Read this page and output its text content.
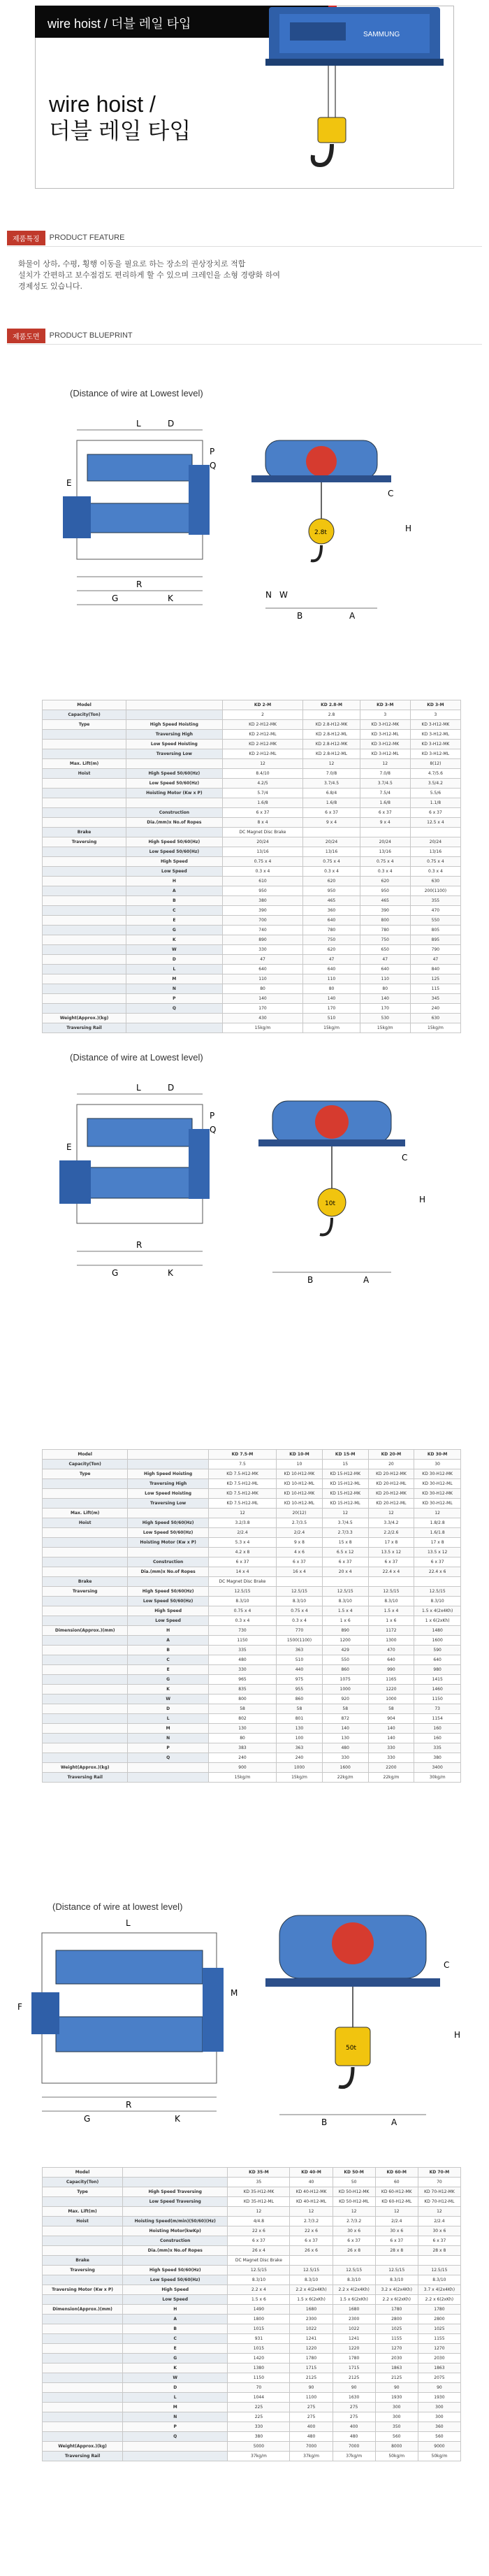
wire hoist / 더블 레일 타입
wire hoist /
더블 레일 타입
SAMMUNG
제품특징	PRODUCT FEATURE
화물이 상하, 수평, 횡행 이동을 필요로 하는 장소의 권상장치로 적합
설치가 간편하고 보수점검도 편리하게 할 수 있으며 크레인을 소형 경량화 하여
경제성도 있습니다.
제품도면	PRODUCT BLUEPRINT
(Distance of wire at Lowest level)
L	D
R
G	K
E
P
Q
2.8t
B	A
N W
C
H
Model		KD 2-M	KD 2.8-M	KD 3-M	KD 3-M
Capacity(Ton)		2	2.8	3	3
Type	High Speed Hoisting	KD 2-H12-MK	KD 2.8-H12-MK	KD 3-H12-MK	KD 3-H12-MK
	Traversing High	KD 2-H12-ML	KD 2.8-H12-ML	KD 3-H12-ML	KD 3-H12-ML
	Low Speed Hoisting	KD 2-H12-MK	KD 2.8-H12-MK	KD 3-H12-MK	KD 3-H12-MK
	Traversing Low	KD 2-H12-ML	KD 2.8-H12-ML	KD 3-H12-ML	KD 3-H12-ML
Max. Lift(m)		12	12	12	8(12)
Hoist	High Speed 50/60(Hz)	8.4/10	7.0/8	7.0/8	4.7/5.6
	Low Speed 50/60(Hz)	4.2/5	3.7/4.5	3.7/4.5	3.5/4.2
	Hoisting Motor (Kw x P)	5.7/4	6.8/4	7.5/4	5.5/6
		1.6/8	1.6/8	1.6/8	1.1/8
	Construction	6 x 37	6 x 37	6 x 37	6 x 37
	Dia.(mm)x No.of Ropes	8 x 4	9 x 4	9 x 4	12.5 x 4
Brake		DC Magnet Disc Brake			
Traversing	High Speed 50/60(Hz)	20/24	20/24	20/24	20/24
	Low Speed 50/60(Hz)	13/16	13/16	13/16	13/16
	High Speed	0.75 x 4	0.75 x 4	0.75 x 4	0.75 x 4
	Low Speed	0.3 x 4	0.3 x 4	0.3 x 4	0.3 x 4
	H	610	620	620	630
	A	950	950	950	200(1100)
	B	380	465	465	355
	C	390	360	390	470
	E	700	640	800	550
	G	740	780	780	805
	K	890	750	750	895
	W	330	620	650	790
	D	47	47	47	47
	L	640	640	640	840
	M	110	110	110	125
	N	80	80	80	115
	P	140	140	140	345
	Q	170	170	170	240
Weight(Approx.)(kg)		430	510	530	630
Traversing Rail		15kg/m	15kg/m	15kg/m	15kg/m
(Distance of wire at Lowest level)
L	D
R
G	K
E
P
Q
10t
B	A
C
H
Model		KD 7.5-M	KD 10-M	KD 15-M	KD 20-M	KD 30-M
Capacity(Ton)		7.5	10	15	20	30
Type	High Speed Hoisting	KD 7.5-H12-MK	KD 10-H12-MK	KD 15-H12-MK	KD 20-H12-MK	KD 30-H12-MK
	Traversing High	KD 7.5-H12-ML	KD 10-H12-ML	KD 15-H12-ML	KD 20-H12-ML	KD 30-H12-ML
	Low Speed Hoisting	KD 7.5-H12-MK	KD 10-H12-MK	KD 15-H12-MK	KD 20-H12-MK	KD 30-H12-MK
	Traversing Low	KD 7.5-H12-ML	KD 10-H12-ML	KD 15-H12-ML	KD 20-H12-ML	KD 30-H12-ML
Max. Lift(m)		12	20(12)	12	12	12
Hoist	High Speed 50/60(Hz)	3.2/3.8	2.7/3.5	3.7/4.5	3.3/4.2	1.8/2.8
	Low Speed 50/60(Hz)	2/2.4	2/2.4	2.7/3.3	2.2/2.6	1.6/1.8
	Hoisting Motor (Kw x P)	5.3 x 4	9 x 8	15 x 8	17 x 8	17 x 8
		4.2 x 8	4 x 6	6.5 x 12	13.5 x 12	13.5 x 12
	Construction	6 x 37	6 x 37	6 x 37	6 x 37	6 x 37
	Dia.(mm)x No.of Ropes	14 x 4	16 x 4	20 x 4	22.4 x 4	22.4 x 6
Brake		DC Magnet Disc Brake				
Traversing	High Speed 50/60(Hz)	12.5/15	12.5/15	12.5/15	12.5/15	12.5/15
	Low Speed 50/60(Hz)	8.3/10	8.3/10	8.3/10	8.3/10	8.3/10
	High Speed	0.75 x 4	0.75 x 4	1.5 x 4	1.5 x 4	1.5 x 4(2x4Kh)
	Low Speed	0.3 x 4	0.3 x 4	1 x 6	1 x 6	1 x 6(2xKh)
Dimension(Approx.)(mm)	H	730	770	890	1172	1480
	A	1150	1500(1100)	1200	1300	1600
	B	335	363	429	470	590
	C	480	510	550	640	640
	E	330	440	860	990	980
	G	965	975	1075	1165	1415
	K	835	955	1000	1220	1460
	W	800	860	920	1000	1150
	D	58	58	58	58	73
	L	802	801	872	904	1154
	M	130	130	140	140	160
	N	80	100	130	140	160
	P	383	363	480	330	335
	Q	240	240	330	330	380
Weight(Approx.)(kg)		900	1000	1600	2200	3400
Traversing Rail		15kg/m	15kg/m	22kg/m	22kg/m	30kg/m
(Distance of wire at lowest level)
L
F
R
G	K
M
50t
B	A
C
H
Model		KD 35-M	KD 40-M	KD 50-M	KD 60-M	KD 70-M
Capacity(Ton)		35	40	50	60	70
Type	High Speed Traversing	KD 35-H12-MK	KD 40-H12-MK	KD 50-H12-MK	KD 60-H12-MK	KD 70-H12-MK
	Low Speed Traversing	KD 35-H12-ML	KD 40-H12-ML	KD 50-H12-ML	KD 60-H12-ML	KD 70-H12-ML
Max. Lift(m)		12	12	12	12	12
Hoist	Hoisting Speed(m/min)(50/60)(Hz)	4/4.8	2.7/3.2	2.7/3.2	2/2.4	2/2.4
	Hoisting Motor(kwKp)	22 x 6	22 x 6	30 x 6	30 x 6	30 x 6
	Construction	6 x 37	6 x 37	6 x 37	6 x 37	6 x 37
	Dia.(mm)x No.of Ropes	26 x 4	26 x 6	26 x 8	28 x 8	28 x 8
Brake		DC Magnet Disc Brake				
Traversing	High Speed 50/60(Hz)	12.5/15	12.5/15	12.5/15	12.5/15	12.5/15
	Low Speed 50/60(Hz)	8.3/10	8.3/10	8.3/10	8.3/10	8.3/10
Traversing Motor (Kw x P)	High Speed	2.2 x 4	2.2 x 4(2x4Kh)	2.2 x 4(2x4Kh)	3.2 x 4(2x4Kh)	3.7 x 4(2x4Kh)
	Low Speed	1.5 x 6	1.5 x 6(2xKh)	1.5 x 6(2xKh)	2.2 x 6(2xKh)	2.2 x 6(2xKh)
Dimension(Approx.)(mm)	H	1490	1680	1680	1780	1780
	A	1800	2300	2300	2800	2800
	B	1015	1022	1022	1025	1025
	C	931	1241	1241	1155	1155
	E	1015	1220	1220	1270	1270
	G	1420	1780	1780	2030	2030
	K	1380	1715	1715	1863	1863
	W	1150	2125	2125	2125	2075
	D	70	90	90	90	90
	L	1044	1100	1630	1930	1930
	M	225	275	275	300	300
	N	225	275	275	300	300
	P	330	400	400	350	360
	Q	380	480	480	560	560
Weight(Approx.)(kg)		5000	7000	7000	8000	9000
Traversing Rail		37kg/m	37kg/m	37kg/m	50kg/m	50kg/m
